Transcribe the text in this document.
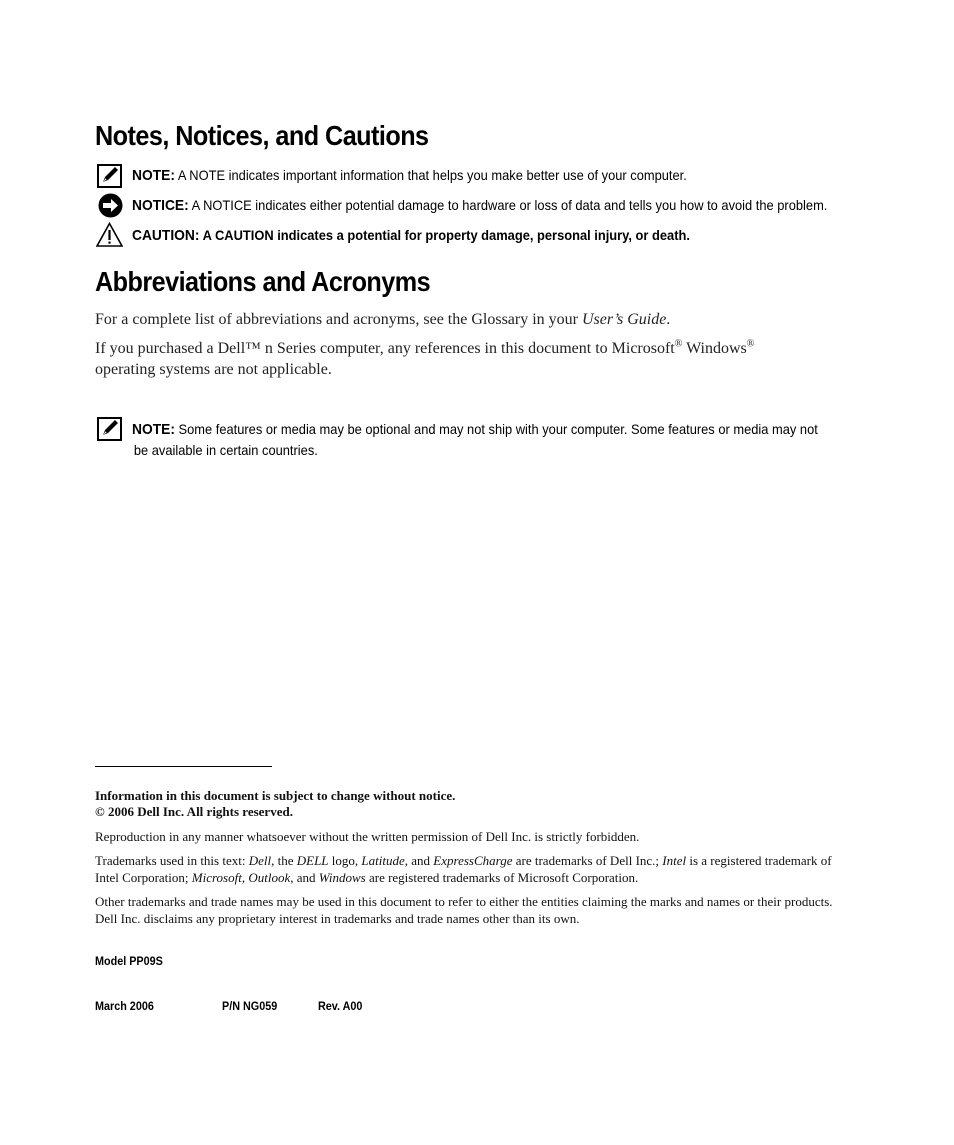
Notes, Notices, and Cautions
NOTE: A NOTE indicates important information that helps you make better use of your computer.
NOTICE: A NOTICE indicates either potential damage to hardware or loss of data and tells you how to avoid the problem.
CAUTION: A CAUTION indicates a potential for property damage, personal injury, or death.
Abbreviations and Acronyms
For a complete list of abbreviations and acronyms, see the Glossary in your User’s Guide.
If you purchased a Dell™ n Series computer, any references in this document to Microsoft® Windows®
operating systems are not applicable.
NOTE: Some features or media may be optional and may not ship with your computer. Some features or media may not
be available in certain countries.
Information in this document is subject to change without notice.
© 2006 Dell Inc. All rights reserved.
Reproduction in any manner whatsoever without the written permission of Dell Inc. is strictly forbidden.
Trademarks used in this text: Dell, the DELL logo, Latitude, and ExpressCharge are trademarks of Dell Inc.; Intel is a registered trademark of
Intel Corporation; Microsoft, Outlook, and Windows are registered trademarks of Microsoft Corporation.
Other trademarks and trade names may be used in this document to refer to either the entities claiming the marks and names or their products.
Dell Inc. disclaims any proprietary interest in trademarks and trade names other than its own.
Model PP09S
March 2006	P/N NG059	Rev. A00
